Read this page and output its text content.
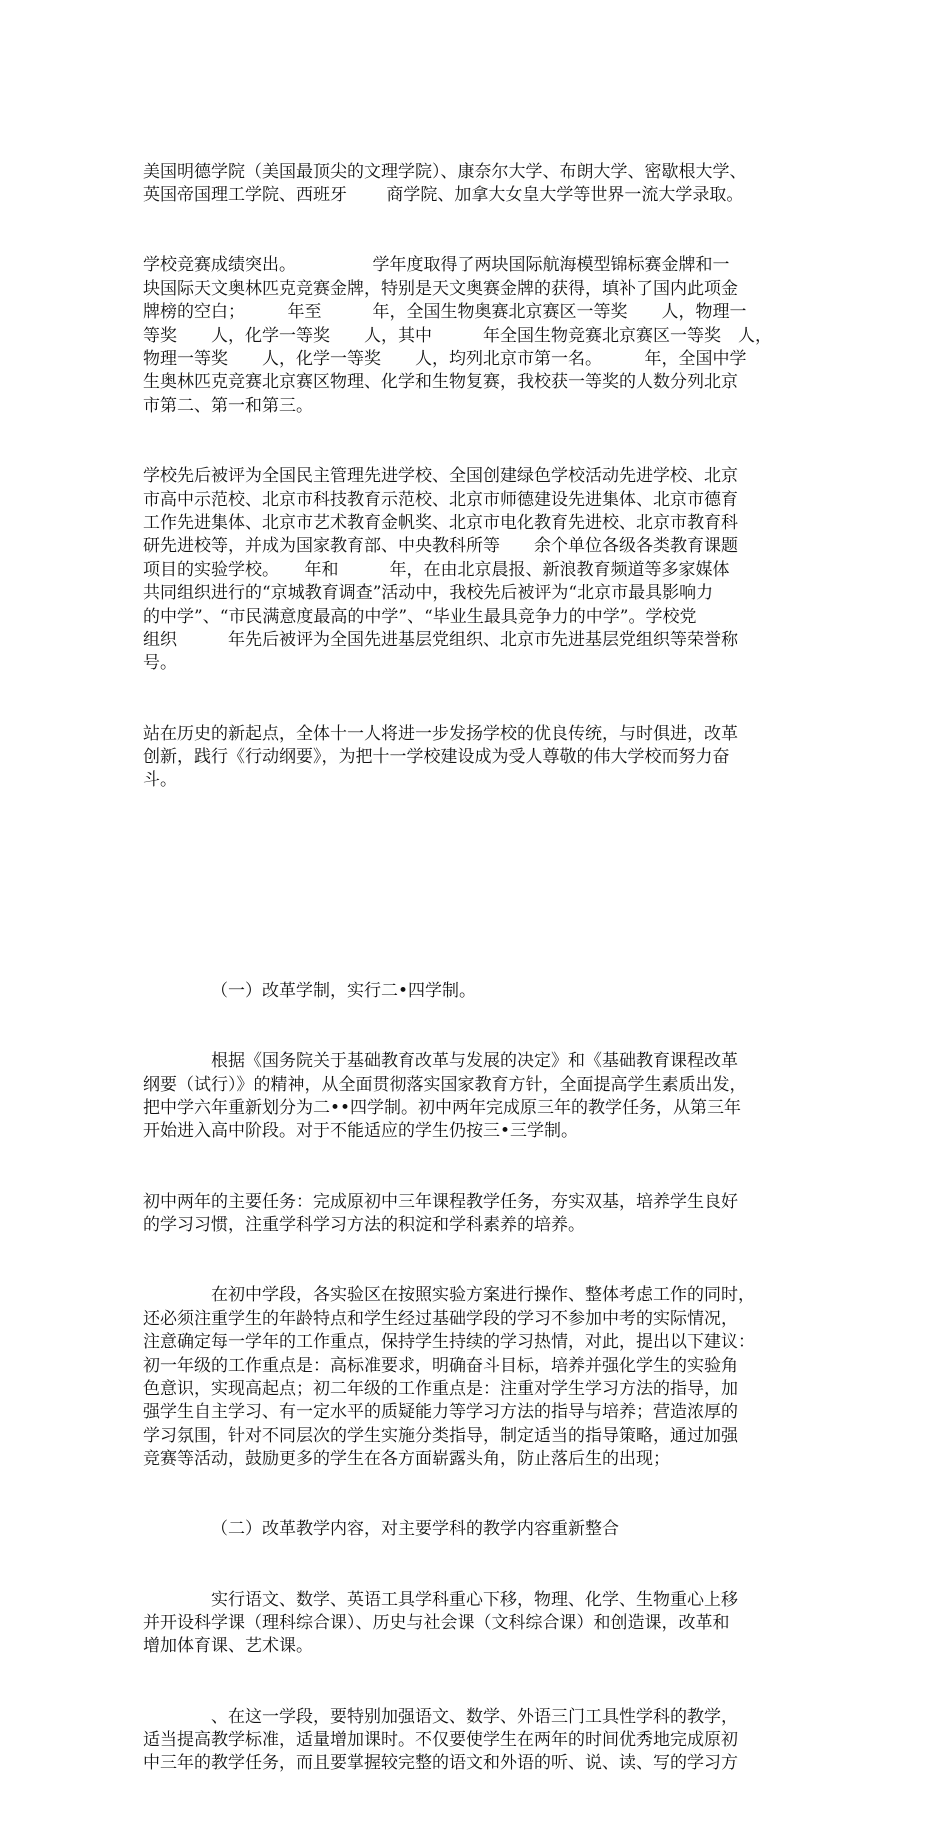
美国明德学院（美国最顶尖的文理学院）、康奈尔大学、布朗大学、密歇根大学、
英国帝国理工学院、西班牙　　 商学院、加拿大女皇大学等世界一流大学录取。

学校竞赛成绩突出。　　　　　学年度取得了两块国际航海模型锦标赛金牌和一
块国际天文奥林匹克竞赛金牌，特别是天文奥赛金牌的获得，填补了国内此项金
牌榜的空白；　　　年至　　　年，全国生物奥赛北京赛区一等奖　　人，物理一
等奖　　人，化学一等奖　　人，其中　　　年全国生物竞赛北京赛区一等奖　人，
物理一等奖　　人，化学一等奖　　人，均列北京市第一名。　　　年，全国中学
生奥林匹克竞赛北京赛区物理、化学和生物复赛，我校获一等奖的人数分列北京
市第二、第一和第三。

学校先后被评为全国民主管理先进学校、全国创建绿色学校活动先进学校、北京
市高中示范校、北京市科技教育示范校、北京市师德建设先进集体、北京市德育
工作先进集体、北京市艺术教育金帆奖、北京市电化教育先进校、北京市教育科
研先进校等，并成为国家教育部、中央教科所等　　余个单位各级各类教育课题
项目的实验学校。　　年和　　　年，在由北京晨报、新浪教育频道等多家媒体
共同组织进行的“京城教育调查”活动中，我校先后被评为“北京市最具影响力
的中学”、“市民满意度最高的中学”、“毕业生最具竞争力的中学”。学校党
组织　　　年先后被评为全国先进基层党组织、北京市先进基层党组织等荣誉称
号。

站在历史的新起点，全体十一人将进一步发扬学校的优良传统，与时俱进，改革
创新，践行《行动纲要》，为把十一学校建设成为受人尊敬的伟大学校而努力奋
斗。

（一）改革学制，实行二•四学制。

根据《国务院关于基础教育改革与发展的决定》和《基础教育课程改革
纲要（试行）》的精神，从全面贯彻落实国家教育方针，全面提高学生素质出发，
把中学六年重新划分为二••四学制。初中两年完成原三年的教学任务，从第三年
开始进入高中阶段。对于不能适应的学生仍按三•三学制。

初中两年的主要任务：完成原初中三年课程教学任务，夯实双基，培养学生良好
的学习习惯，注重学科学习方法的积淀和学科素养的培养。

在初中学段，各实验区在按照实验方案进行操作、整体考虑工作的同时，
还必须注重学生的年龄特点和学生经过基础学段的学习不参加中考的实际情况，
注意确定每一学年的工作重点，保持学生持续的学习热情，对此，提出以下建议：
初一年级的工作重点是：高标准要求，明确奋斗目标，培养并强化学生的实验角
色意识，实现高起点；初二年级的工作重点是：注重对学生学习方法的指导，加
强学生自主学习、有一定水平的质疑能力等学习方法的指导与培养；营造浓厚的
学习氛围，针对不同层次的学生实施分类指导，制定适当的指导策略，通过加强
竞赛等活动，鼓励更多的学生在各方面崭露头角，防止落后生的出现；

（二）改革教学内容，对主要学科的教学内容重新整合

实行语文、数学、英语工具学科重心下移，物理、化学、生物重心上移
并开设科学课（理科综合课）、历史与社会课（文科综合课）和创造课，改革和
增加体育课、艺术课。

、在这一学段，要特别加强语文、数学、外语三门工具性学科的教学，
适当提高教学标准，适量增加课时。不仅要使学生在两年的时间优秀地完成原初
中三年的教学任务，而且要掌握较完整的语文和外语的听、说、读、写的学习方
